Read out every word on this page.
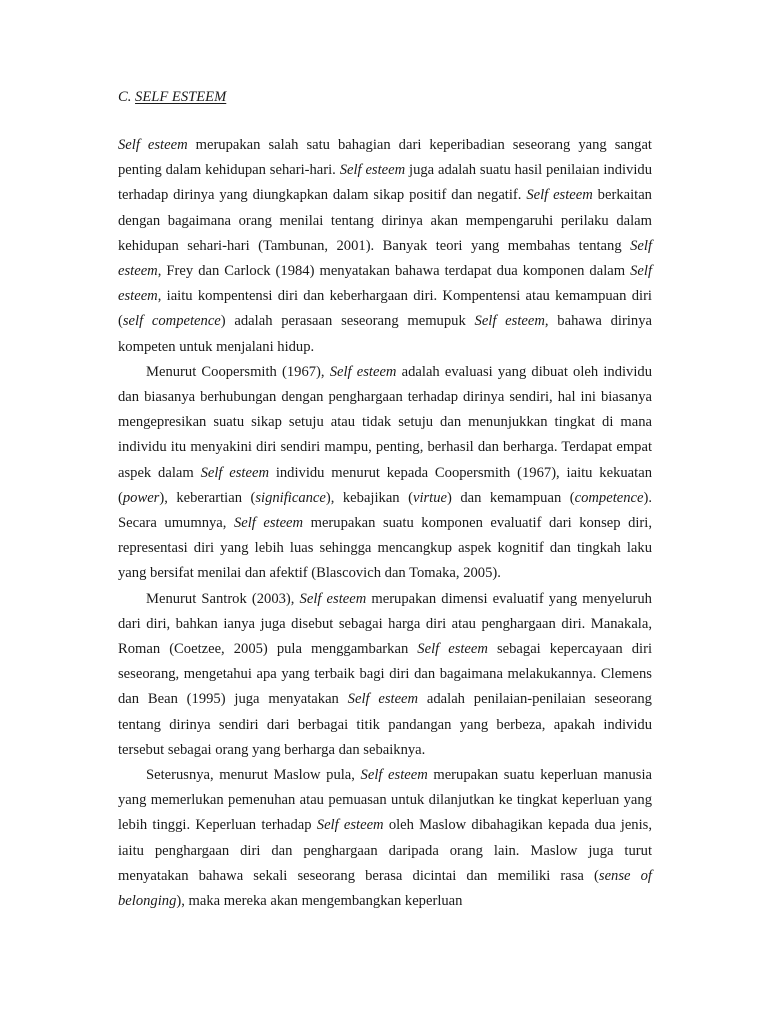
C. SELF ESTEEM

Self esteem merupakan salah satu bahagian dari keperibadian seseorang yang sangat penting dalam kehidupan sehari-hari. Self esteem juga adalah suatu hasil penilaian individu terhadap dirinya yang diungkapkan dalam sikap positif dan negatif. Self esteem berkaitan dengan bagaimana orang menilai tentang dirinya akan mempengaruhi perilaku dalam kehidupan sehari-hari (Tambunan, 2001). Banyak teori yang membahas tentang Self esteem, Frey dan Carlock (1984) menyatakan bahawa terdapat dua komponen dalam Self esteem, iaitu kompentensi diri dan keberhargaan diri. Kompentensi atau kemampuan diri (self competence) adalah perasaan seseorang memupuk Self esteem, bahawa dirinya kompeten untuk menjalani hidup.

Menurut Coopersmith (1967), Self esteem adalah evaluasi yang dibuat oleh individu dan biasanya berhubungan dengan penghargaan terhadap dirinya sendiri, hal ini biasanya mengepresikan suatu sikap setuju atau tidak setuju dan menunjukkan tingkat di mana individu itu menyakini diri sendiri mampu, penting, berhasil dan berharga. Terdapat empat aspek dalam Self esteem individu menurut kepada Coopersmith (1967), iaitu kekuatan (power), keberartian (significance), kebajikan (virtue) dan kemampuan (competence). Secara umumnya, Self esteem merupakan suatu komponen evaluatif dari konsep diri, representasi diri yang lebih luas sehingga mencangkup aspek kognitif dan tingkah laku yang bersifat menilai dan afektif (Blascovich dan Tomaka, 2005).

Menurut Santrok (2003), Self esteem merupakan dimensi evaluatif yang menyeluruh dari diri, bahkan ianya juga disebut sebagai harga diri atau penghargaan diri. Manakala, Roman (Coetzee, 2005) pula menggambarkan Self esteem sebagai kepercayaan diri seseorang, mengetahui apa yang terbaik bagi diri dan bagaimana melakukannya. Clemens dan Bean (1995) juga menyatakan Self esteem adalah penilaian-penilaian seseorang tentang dirinya sendiri dari berbagai titik pandangan yang berbeza, apakah individu tersebut sebagai orang yang berharga dan sebaiknya.

Seterusnya, menurut Maslow pula, Self esteem merupakan suatu keperluan manusia yang memerlukan pemenuhan atau pemuasan untuk dilanjutkan ke tingkat keperluan yang lebih tinggi. Keperluan terhadap Self esteem oleh Maslow dibahagikan kepada dua jenis, iaitu penghargaan diri dan penghargaan daripada orang lain. Maslow juga turut menyatakan bahawa sekali seseorang berasa dicintai dan memiliki rasa (sense of belonging), maka mereka akan mengembangkan keperluan
